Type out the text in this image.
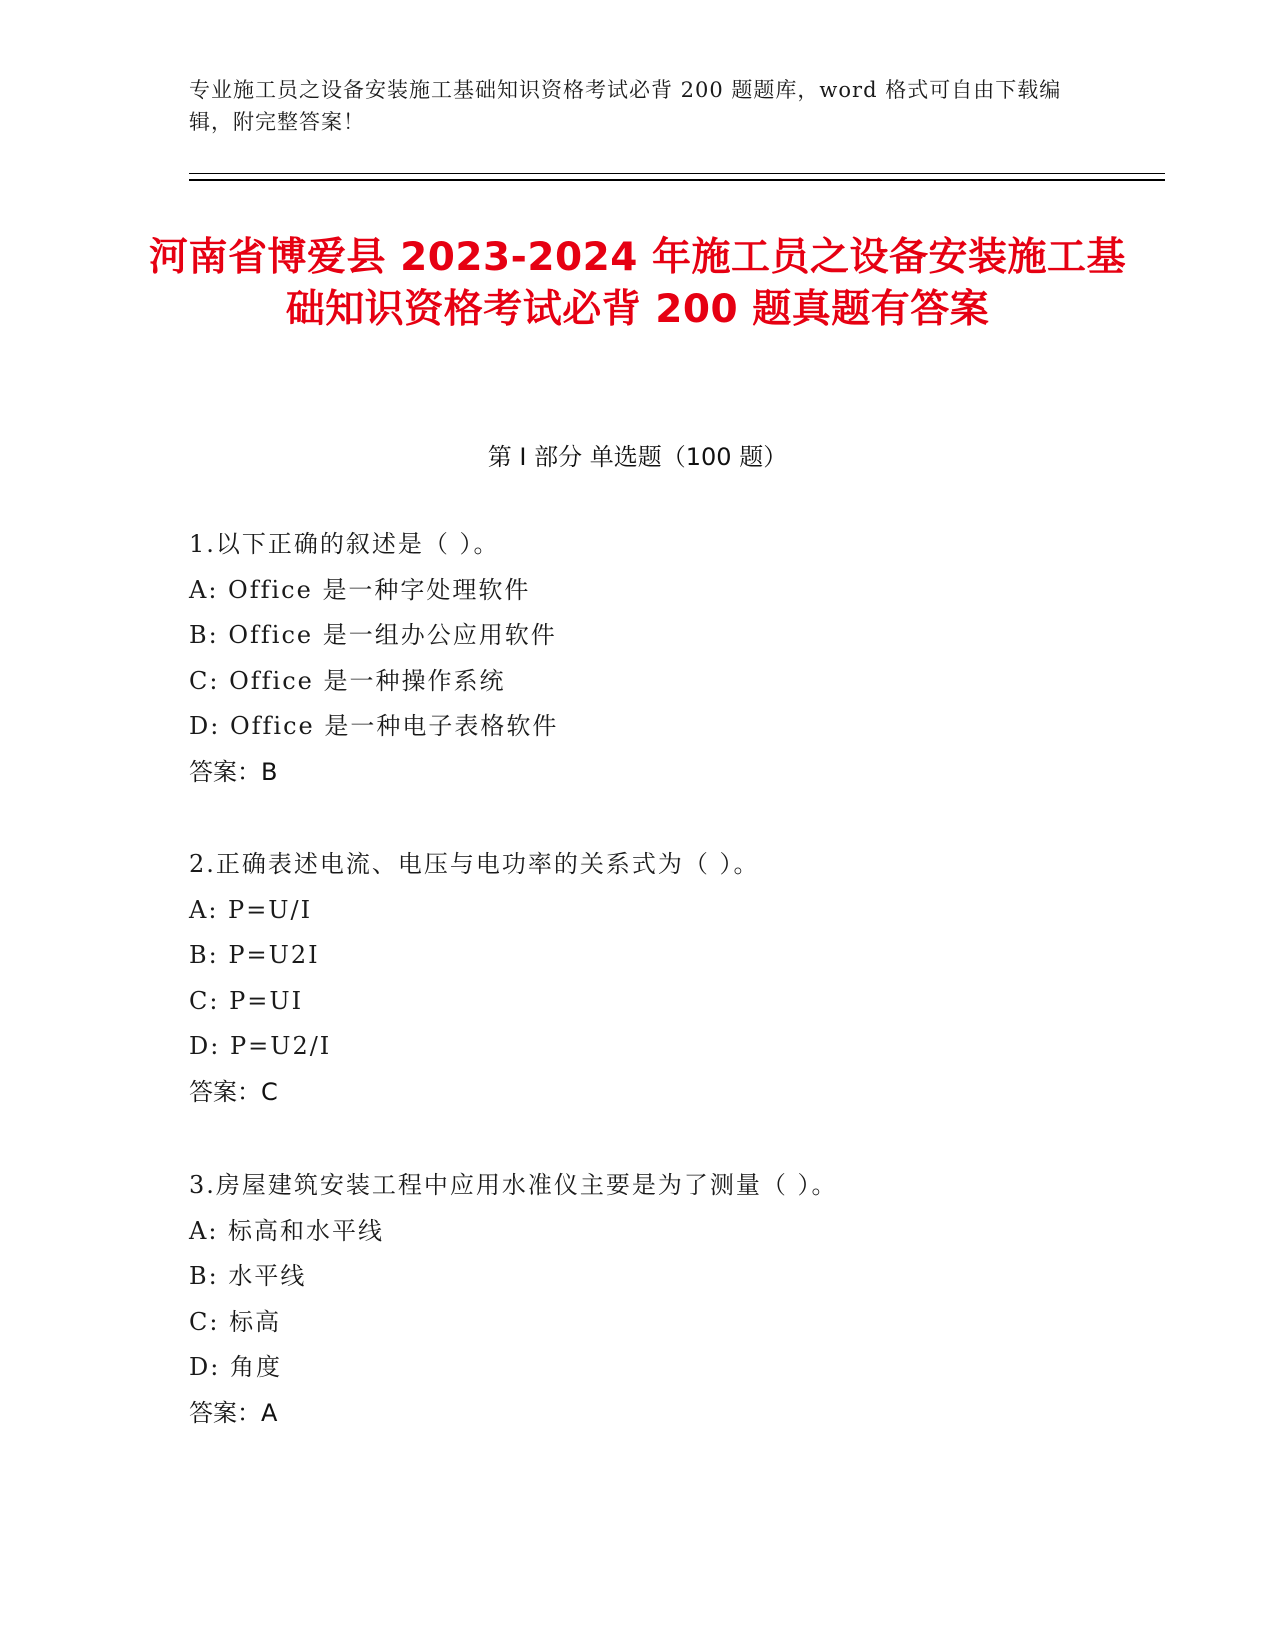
专业施工员之设备安装施工基础知识资格考试必背 200 题题库，word 格式可自由下载编辑，附完整答案！
河南省博爱县 2023-2024 年施工员之设备安装施工基础知识资格考试必背 200 题真题有答案
第 I 部分 单选题（100 题）
1.以下正确的叙述是（ ）。
A: Office 是一种字处理软件
B: Office 是一组办公应用软件
C: Office 是一种操作系统
D: Office 是一种电子表格软件
答案：B
2.正确表述电流、电压与电功率的关系式为（ ）。
A: P=U/I
B: P=U2I
C: P=UI
D: P=U2/I
答案：C
3.房屋建筑安装工程中应用水准仪主要是为了测量（ ）。
A: 标高和水平线
B: 水平线
C: 标高
D: 角度
答案：A
